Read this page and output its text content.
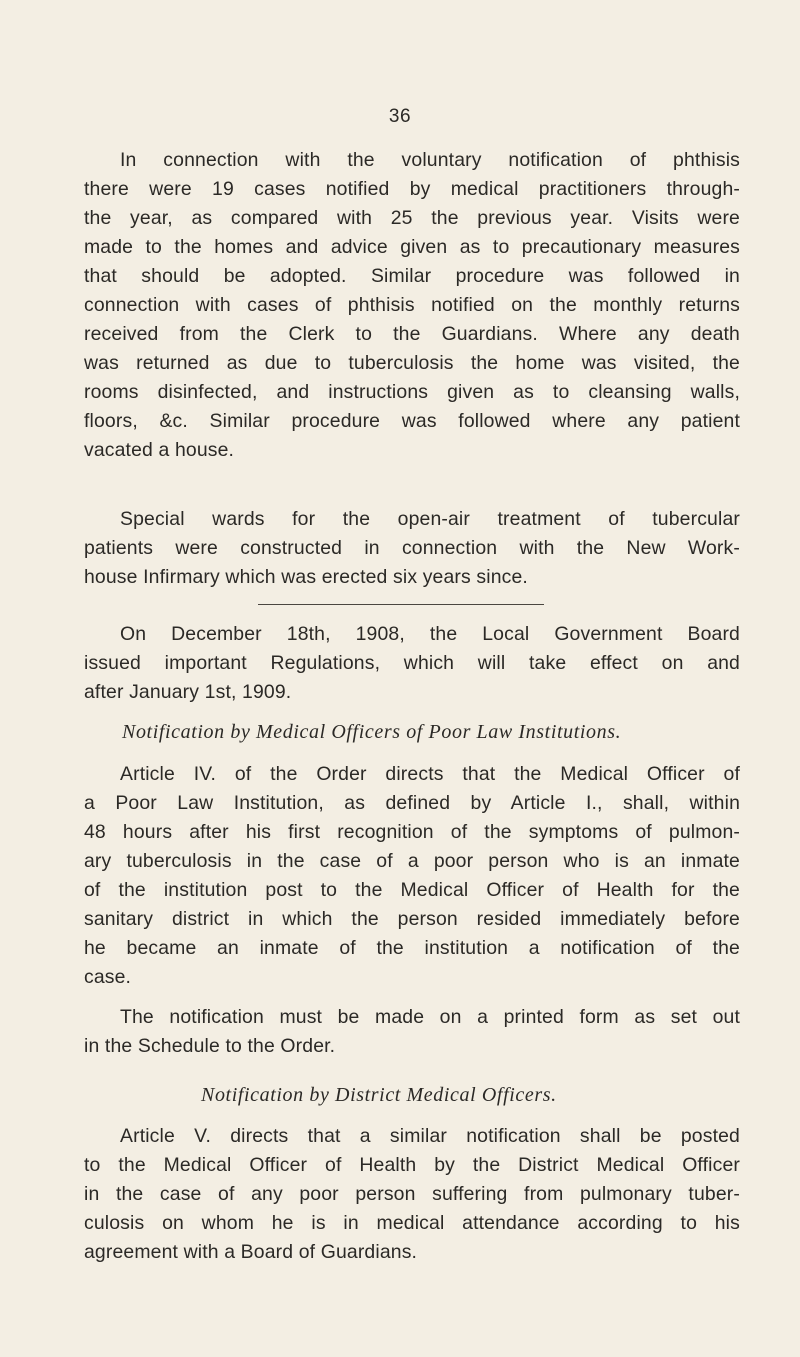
36
In connection with the voluntary notification of phthisis
there were 19 cases notified by medical practitioners through-
the year, as compared with 25 the previous year. Visits were
made to the homes and advice given as to precautionary measures
that should be adopted. Similar procedure was followed in
connection with cases of phthisis notified on the monthly returns
received from the Clerk to the Guardians. Where any death
was returned as due to tuberculosis the home was visited, the
rooms disinfected, and instructions given as to cleansing walls,
floors, &c. Similar procedure was followed where any patient
vacated a house.
Special wards for the open-air treatment of tubercular
patients were constructed in connection with the New Work-
house Infirmary which was erected six years since.
On December 18th, 1908, the Local Government Board
issued important Regulations, which will take effect on and
after January 1st, 1909.
Notification by Medical Officers of Poor Law Institutions.
Article IV. of the Order directs that the Medical Officer of
a Poor Law Institution, as defined by Article I., shall, within
48 hours after his first recognition of the symptoms of pulmon-
ary tuberculosis in the case of a poor person who is an inmate
of the institution post to the Medical Officer of Health for the
sanitary district in which the person resided immediately before
he became an inmate of the institution a notification of the
case.
The notification must be made on a printed form as set out
in the Schedule to the Order.
Notification by District Medical Officers.
Article V. directs that a similar notification shall be posted
to the Medical Officer of Health by the District Medical Officer
in the case of any poor person suffering from pulmonary tuber-
culosis on whom he is in medical attendance according to his
agreement with a Board of Guardians.
